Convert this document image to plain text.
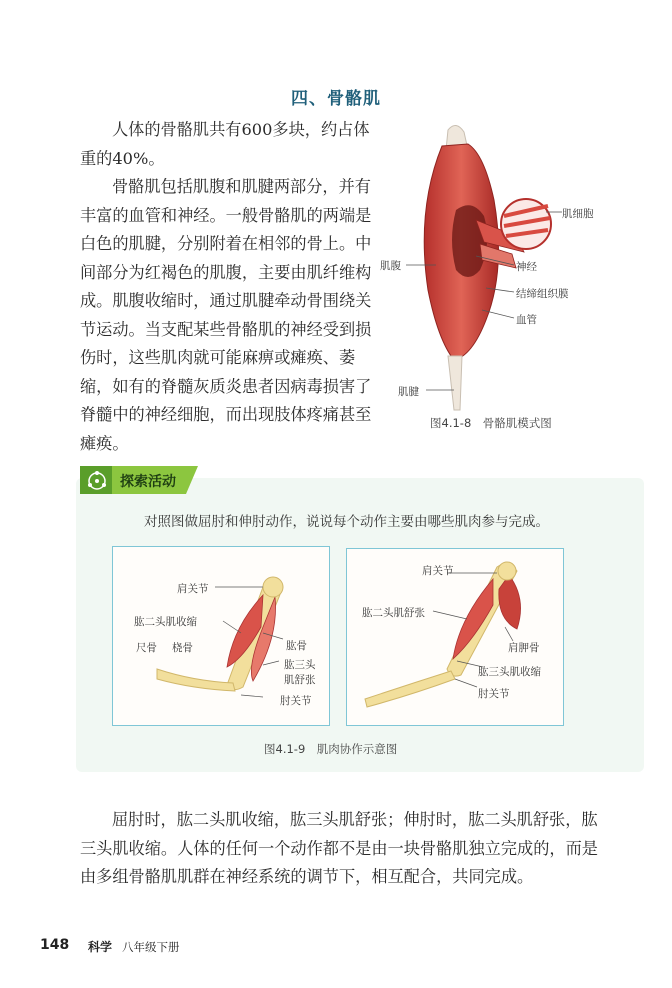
四、骨骼肌
人体的骨骼肌共有600多块，约占体重的40%。
骨骼肌包括肌腹和肌腱两部分，并有丰富的血管和神经。一般骨骼肌的两端是白色的肌腱，分别附着在相邻的骨上。中间部分为红褐色的肌腹，主要由肌纤维构成。肌腹收缩时，通过肌腱牵动骨围绕关节运动。当支配某些骨骼肌的神经受到损伤时，这些肌肉就可能麻痹或瘫痪、萎缩，如有的脊髓灰质炎患者因病毒损害了脊髓中的神经细胞，而出现肢体疼痛甚至瘫痪。
肌细胞
肌腹	神经
结缔组织膜
血管
肌腱
图4.1-8　骨骼肌模式图
探索活动
对照图做屈肘和伸肘动作，说说每个动作主要由哪些肌肉参与完成。
肩关节
肱二头肌收缩
尺骨 桡骨	肱骨
肱三头
肌舒张
肘关节
肩关节
肱二头肌舒张
肩胛骨
肱三头肌收缩
肘关节
图4.1-9　肌肉协作示意图
屈肘时，肱二头肌收缩，肱三头肌舒张；伸肘时，肱二头肌舒张，肱三头肌收缩。人体的任何一个动作都不是由一块骨骼肌独立完成的，而是由多组骨骼肌肌群在神经系统的调节下，相互配合，共同完成。
148 科学 八年级下册
